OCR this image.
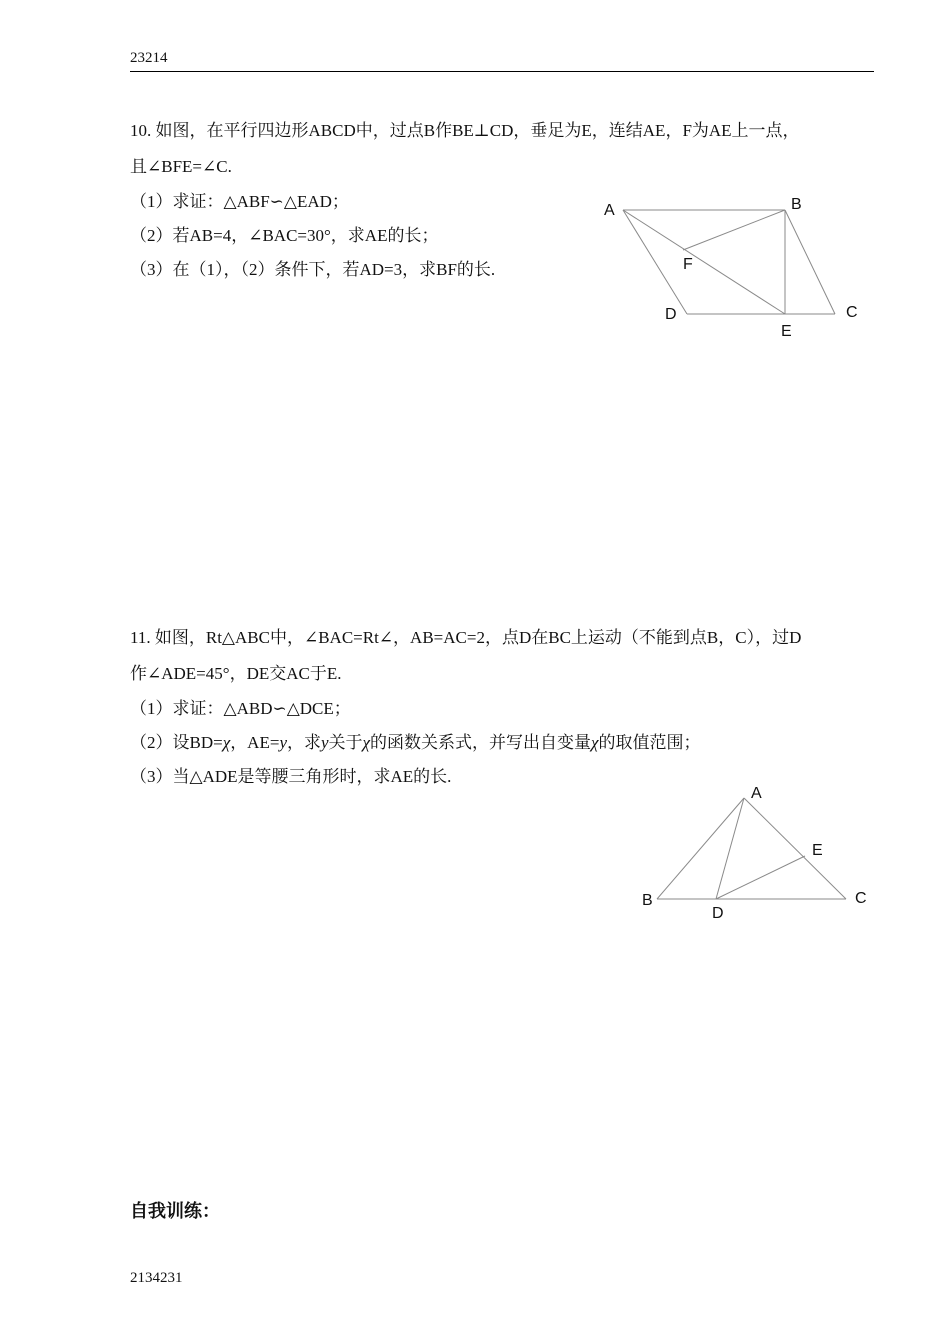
23214
10. 如图，在平行四边形ABCD中，过点B作BE⊥CD，垂足为E，连结AE，F为AE上一点，
且∠BFE=∠C.
（1）求证：△ABF∽△EAD；
（2）若AB=4，∠BAC=30°，求AE的长；
（3）在（1），（2）条件下，若AD=3，求BF的长.
A	B
F
D	C
E
11. 如图，Rt△ABC中，∠BAC=Rt∠，AB=AC=2，点D在BC上运动（不能到点B，C），过D
作∠ADE=45°，DE交AC于E.
（1）求证：△ABD∽△DCE；
（2）设BD=χ，AE=y，求y关于χ的函数关系式，并写出自变量χ的取值范围；
（3）当△ADE是等腰三角形时，求AE的长.
A
E
B
D
C
自我训练：
2134231
